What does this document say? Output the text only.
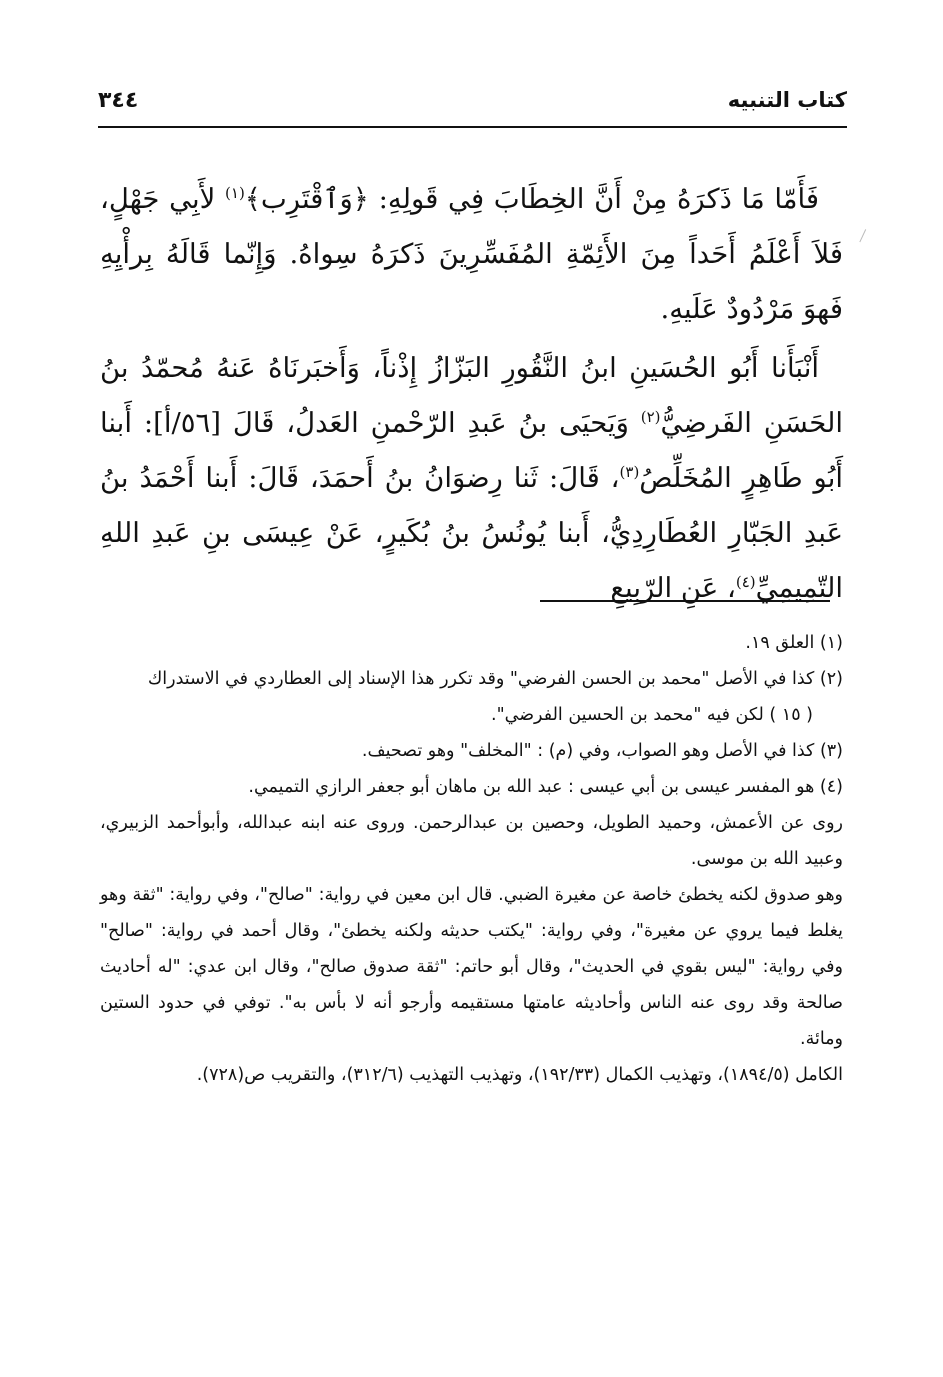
كتاب التنبيه
٣٤٤

فَأَمّا مَا ذَكرَهُ مِنْ أَنَّ الخِطَابَ فِي قَولِهِ: ﴿وَٱقْتَرِب﴾$^{(١)}$ لأَبِي جَهْلٍ، فَلاَ أَعْلَمُ أَحَداً مِنَ الأَئِمّةِ المُفَسِّرِينَ ذَكرَهُ سِواهُ. وَإِنّما قَالَهُ بِرأْيِهِ فَهوَ مَرْدُودٌ عَلَيهِ.

أَنْبَأَنا أَبُو الحُسَينِ ابنُ النَّقُورِ البَزّازُ إِذْناً، وَأَخبَرنَاهُ عَنهُ مُحمّدُ بنُ الحَسَنِ الفَرضِيُّ$^{(٢)}$ وَيَحيَى بنُ عَبدِ الرّحْمنِ العَدلُ، قَالَ [٥٦/أ]: أَبنا أَبُو طَاهِرٍ المُخَلِّصُ$^{(٣)}$، قَالَ: ثَنا رِضوَانُ بنُ أَحمَدَ، قَالَ: أَبنا أَحْمَدُ بنُ عَبدِ الجَبّارِ العُطَارِدِيُّ، أَبنا يُونُسُ بنُ بُكَيرٍ، عَنْ عِيسَى بنِ عَبدِ اللهِ التّمِيمِيِّ$^{(٤)}$، عَنِ الرّبِيعِ

(١) العلق ١٩.

(٢) كذا في الأصل "محمد بن الحسن الفرضي" وقد تكرر هذا الإسناد إلى العطاردي في الاستدراك

( ١٥ ) لكن فيه "محمد بن الحسين الفرضي".

(٣) كذا في الأصل وهو الصواب، وفي (م) : "المخلف" وهو تصحيف.

(٤) هو المفسر عيسى بن أبي عيسى : عبد الله بن ماهان أبو جعفر الرازي التميمي.

روى عن الأعمش، وحميد الطويل، وحصين بن عبدالرحمن. وروى عنه ابنه عبدالله، وأبوأحمد الزبيري، وعبيد الله بن موسى.

وهو صدوق لكنه يخطئ خاصة عن مغيرة الضبي. قال ابن معين في رواية: "صالح"، وفي رواية: "ثقة وهو يغلط فيما يروي عن مغيرة"، وفي رواية: "يكتب حديثه ولكنه يخطئ"، وقال أحمد في رواية: "صالح" وفي رواية: "ليس بقوي في الحديث"، وقال أبو حاتم: "ثقة صدوق صالح"، وقال ابن عدي: "له أحاديث صالحة وقد روى عنه الناس وأحاديثه عامتها مستقيمه وأرجو أنه لا بأس به". توفي في حدود الستين ومائة.

الكامل (١٨٩٤/٥)، وتهذيب الكمال (١٩٢/٣٣)، وتهذيب التهذيب (٣١٢/٦)، والتقريب ص(٧٢٨).
